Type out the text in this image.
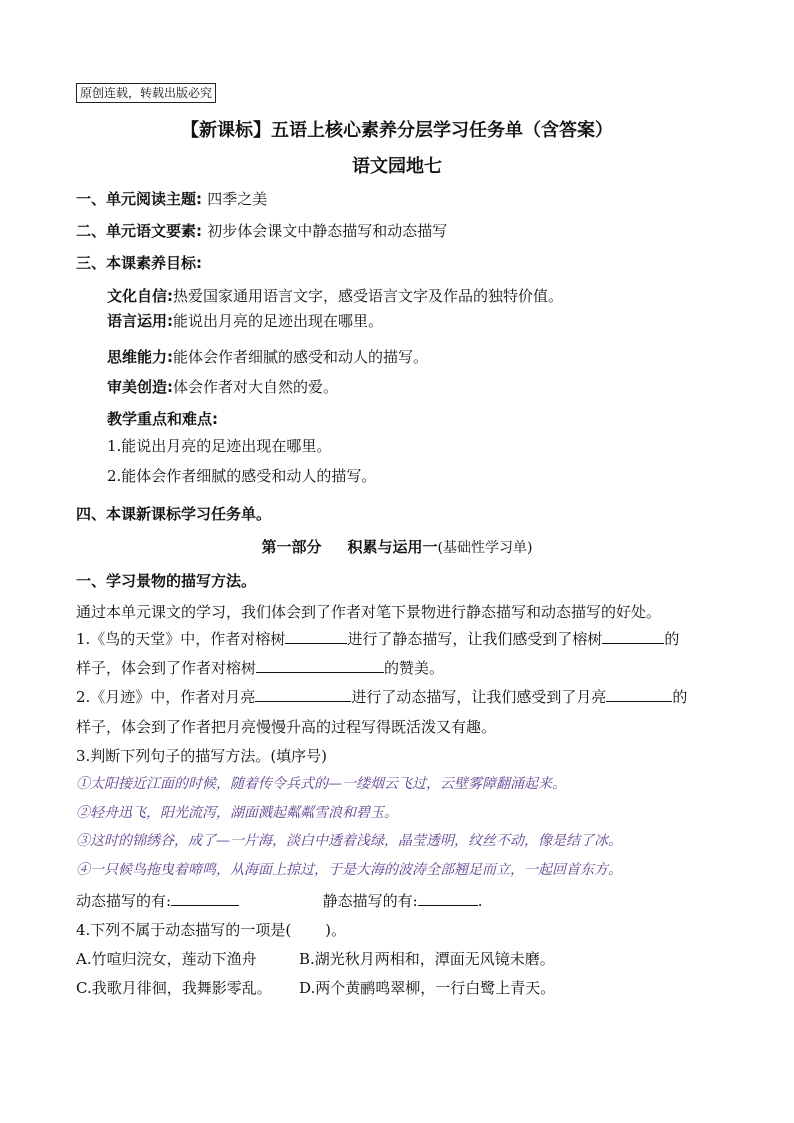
原创连载，转载出版必究
【新课标】五语上核心素养分层学习任务单（含答案）
语文园地七
一、单元阅读主题: 四季之美
二、单元语文要素: 初步体会课文中静态描写和动态描写
三、本课素养目标:
文化自信:热爱国家通用语言文字，感受语言文字及作品的独特价值。
语言运用:能说出月亮的足迹出现在哪里。
思维能力:能体会作者细腻的感受和动人的描写。
审美创造:体会作者对大自然的爱。
教学重点和难点:
1.能说出月亮的足迹出现在哪里。
2.能体会作者细腻的感受和动人的描写。
四、本课新课标学习任务单。
第一部分 积累与运用一(基础性学习单)
一、学习景物的描写方法。
通过本单元课文的学习，我们体会到了作者对笔下景物进行静态描写和动态描写的好处。
1.《鸟的天堂》中，作者对榕树	进行了静态描写，让我们感受到了榕树	的
样子，体会到了作者对榕树	的赞美。
2.《月迹》中，作者对月亮	进行了动态描写，让我们感受到了月亮	的
样子，体会到了作者把月亮慢慢升高的过程写得既活泼又有趣。
3.判断下列句子的描写方法。(填序号)
①太阳接近江面的时候，随着传令兵式的—一缕烟云飞过，云壁雾障翻涌起来。
②轻舟迅飞，阳光流泻，湖面溅起粼粼雪浪和碧玉。
③这时的锦绣谷，成了—一片海，淡白中透着浅绿，晶莹透明，纹丝不动，像是结了冰。
④一只候鸟拖曳着啼鸣，从海面上掠过，于是大海的波涛全部翘足而立，一起回首东方。
动态描写的有:	静态描写的有:	.
4.下列不属于动态描写的一项是( )。
A.竹喧归浣女，莲动下渔舟	B.湖光秋月两相和，潭面无风镜未磨。
C.我歌月徘徊，我舞影零乱。 D.两个黄鹂鸣翠柳，一行白鹭上青天。
